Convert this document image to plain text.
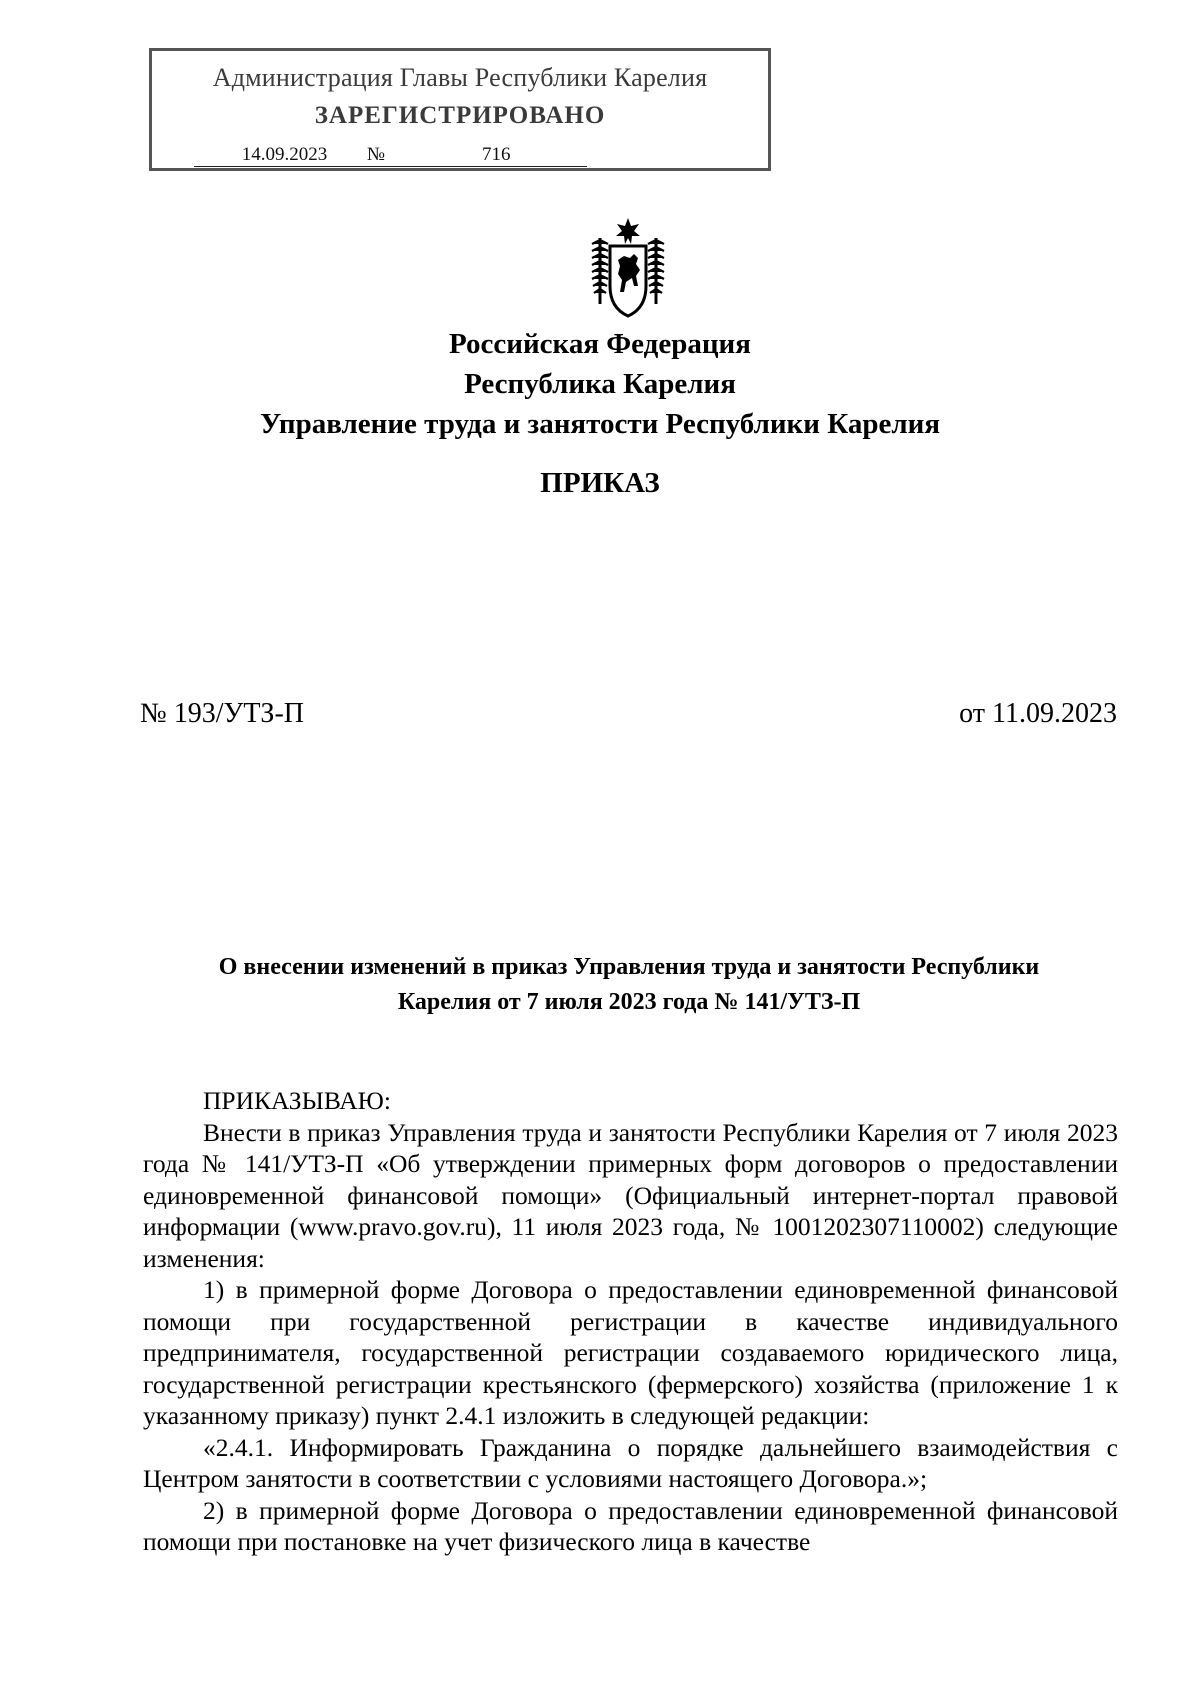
Администрация Главы Республики Карелия
ЗАРЕГИСТРИРОВАНО
14.09.2023	№	716
Российская Федерация
Республика Карелия
Управление труда и занятости Республики Карелия
ПРИКАЗ
№ 193/УТЗ-П	от 11.09.2023
О внесении изменений в приказ Управления труда и занятости Республики
Карелия от 7 июля 2023 года № 141/УТЗ-П

ПРИКАЗЫВАЮ:

Внести в приказ Управления труда и занятости Республики Карелия от 7 июля 2023 года № 141/УТЗ-П «Об утверждении примерных форм договоров о предоставлении единовременной финансовой помощи» (Официальный интернет-портал правовой информации (www.pravo.gov.ru), 11 июля 2023 года, № 1001202307110002) следующие изменения:

1) в примерной форме Договора о предоставлении единовременной финансовой помощи при государственной регистрации в качестве индивидуального предпринимателя, государственной регистрации создаваемого юридического лица, государственной регистрации крестьянского (фермерского) хозяйства (приложение 1 к указанному приказу) пункт 2.4.1 изложить в следующей редакции:

«2.4.1. Информировать Гражданина о порядке дальнейшего взаимодействия с Центром занятости в соответствии с условиями настоящего Договора.»;

2) в примерной форме Договора о предоставлении единовременной финансовой помощи при постановке на учет физического лица в качестве
